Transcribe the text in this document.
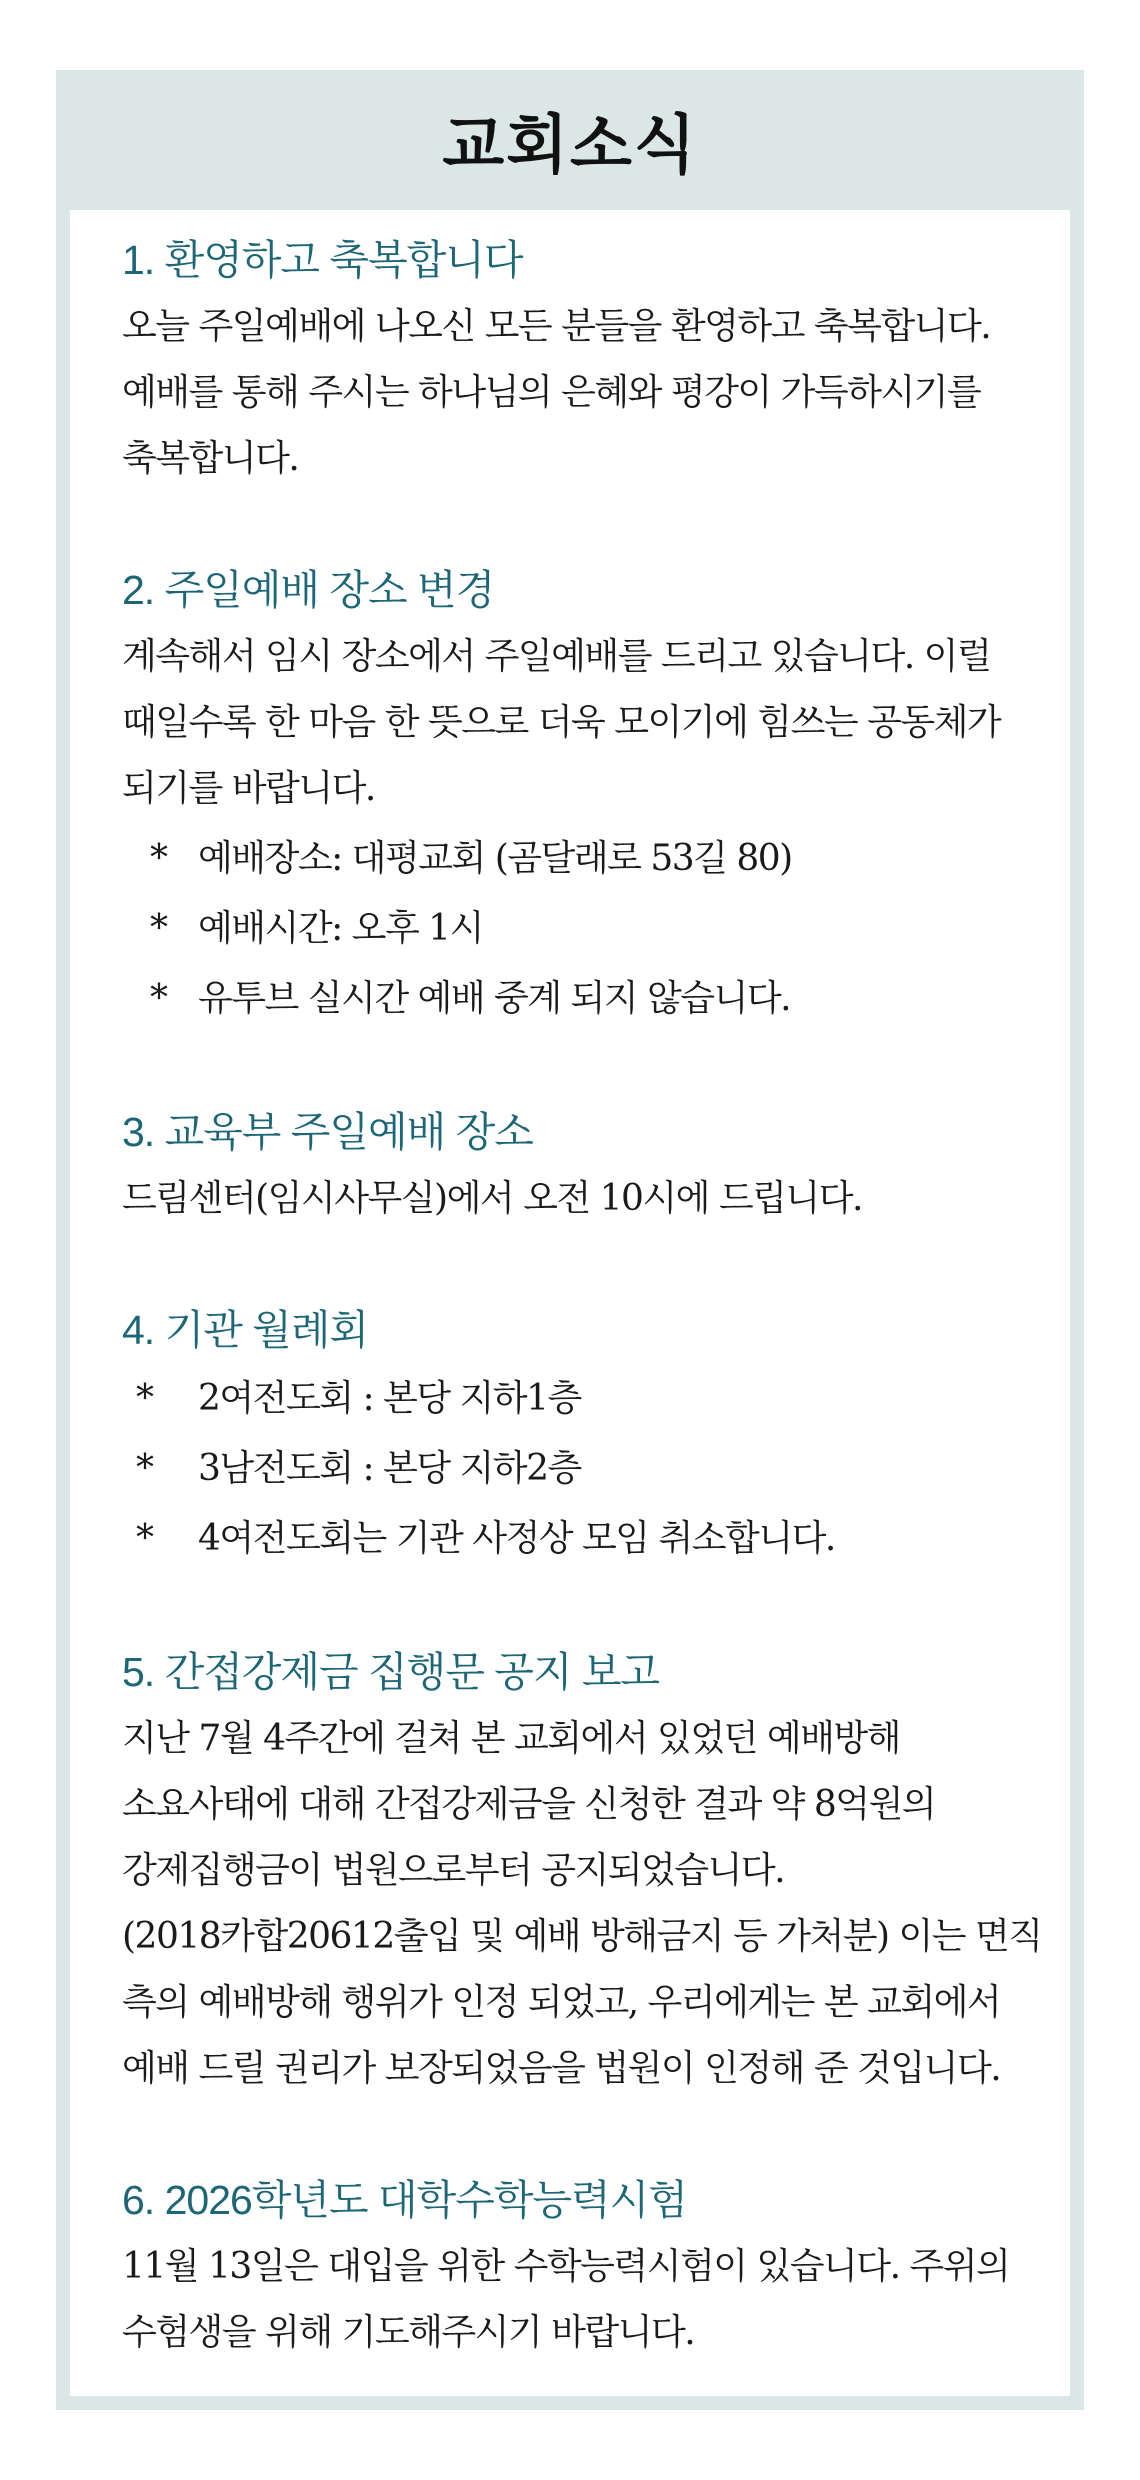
교회소식
1. 환영하고 축복합니다

오늘 주일예배에 나오신 모든 분들을 환영하고 축복합니다. 예배를 통해 주시는 하나님의 은혜와 평강이 가득하시기를 축복합니다.

2. 주일예배 장소 변경

계속해서 임시 장소에서 주일예배를 드리고 있습니다. 이럴 때일수록 한 마음 한 뜻으로 더욱 모이기에 힘쓰는 공동체가 되기를 바랍니다.

* 예배장소: 대평교회 (곰달래로 53길 80)
* 예배시간: 오후 1시
* 유투브 실시간 예배 중계 되지 않습니다.
3. 교육부 주일예배 장소

드림센터(임시사무실)에서 오전 10시에 드립니다.

4. 기관 월례회
*	2여전도회 : 본당 지하1층
*	3남전도회 : 본당 지하2층
*	4여전도회는 기관 사정상 모임 취소합니다.
5. 간접강제금 집행문 공지 보고

지난 7월 4주간에 걸쳐 본 교회에서 있었던 예배방해 소요사태에 대해 간접강제금을 신청한 결과 약 8억원의 강제집행금이 법원으로부터 공지되었습니다. (2018카합20612출입 및 예배 방해금지 등 가처분) 이는 면직 측의 예배방해 행위가 인정 되었고, 우리에게는 본 교회에서 예배 드릴 권리가 보장되었음을 법원이 인정해 준 것입니다.

6. 2026학년도 대학수학능력시험

11월 13일은 대입을 위한 수학능력시험이 있습니다. 주위의 수험생을 위해 기도해주시기 바랍니다.
